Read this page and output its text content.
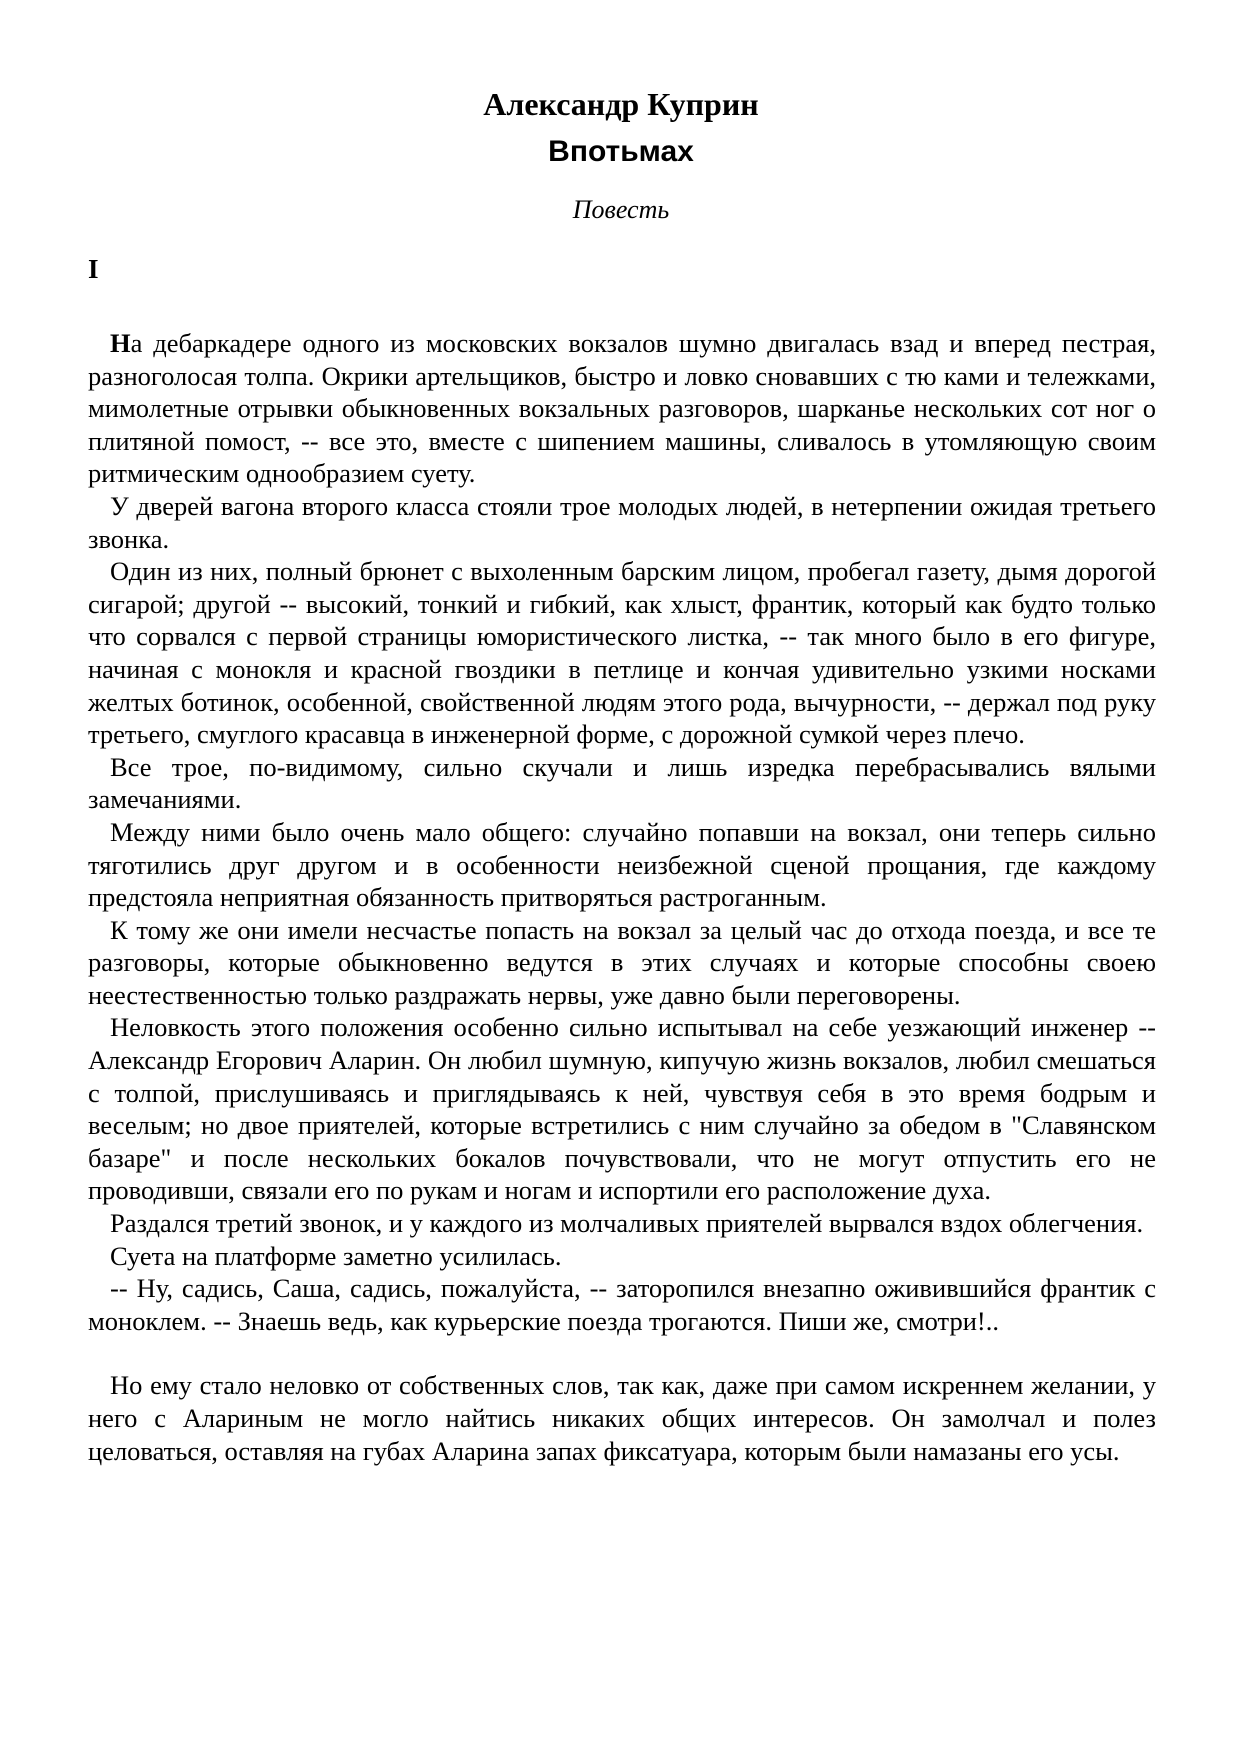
Александр Куприн
Впотьмах
Повесть
I

На дебаркадере одного из московских вокзалов шумно двигалась взад и вперед пестрая, разноголосая толпа. Окрики артельщиков, быстро и ловко сновавших с тю ками и тележками, мимолетные отрывки обыкновенных вокзальных разговоров, шарканье нескольких сот ног о плитяной помост, -- все это, вместе с шипением машины, сливалось в утомляющую своим ритмическим однообразием суету.

У дверей вагона второго класса стояли трое молодых людей, в нетерпении ожидая третьего звонка.

Один из них, полный брюнет с выхоленным барским лицом, пробегал газету, дымя дорогой сигарой; другой -- высокий, тонкий и гибкий, как хлыст, франтик, который как будто только что сорвался с первой страницы юмористического листка, -- так много было в его фигуре, начиная с монокля и красной гвоздики в петлице и кончая удивительно узкими носками желтых ботинок, особенной, свойственной людям этого рода, вычурности, -- держал под руку третьего, смуглого красавца в инженерной форме, с дорожной сумкой через плечо.

Все трое, по-видимому, сильно скучали и лишь изредка перебрасывались вялыми замечаниями.

Между ними было очень мало общего: случайно попавши на вокзал, они теперь сильно тяготились друг другом и в особенности неизбежной сценой прощания, где каждому предстояла неприятная обязанность притворяться растроганным.

К тому же они имели несчастье попасть на вокзал за целый час до отхода поезда, и все те разговоры, которые обыкновенно ведутся в этих случаях и которые способны своею неестественностью только раздражать нервы, уже давно были переговорены.

Неловкость этого положения особенно сильно испытывал на себе уезжающий инженер -- Александр Егорович Аларин. Он любил шумную, кипучую жизнь вокзалов, любил смешаться с толпой, прислушиваясь и приглядываясь к ней, чувствуя себя в это время бодрым и веселым; но двое приятелей, которые встретились с ним случайно за обедом в "Славянском базаре" и после нескольких бокалов почувствовали, что не могут отпустить его не проводивши, связали его по рукам и ногам и испортили его расположение духа.

Раздался третий звонок, и у каждого из молчаливых приятелей вырвался вздох облегчения.

Суета на платформе заметно усилилась.

-- Ну, садись, Саша, садись, пожалуйста, -- заторопился внезапно оживившийся франтик с моноклем. -- Знаешь ведь, как курьерские поезда трогаются. Пиши же, смотри!..

Но ему стало неловко от собственных слов, так как, даже при самом искреннем желании, у него с Алариным не могло найтись никаких общих интересов. Он замолчал и полез целоваться, оставляя на губах Аларина запах фиксатуара, которым были намазаны его усы.
